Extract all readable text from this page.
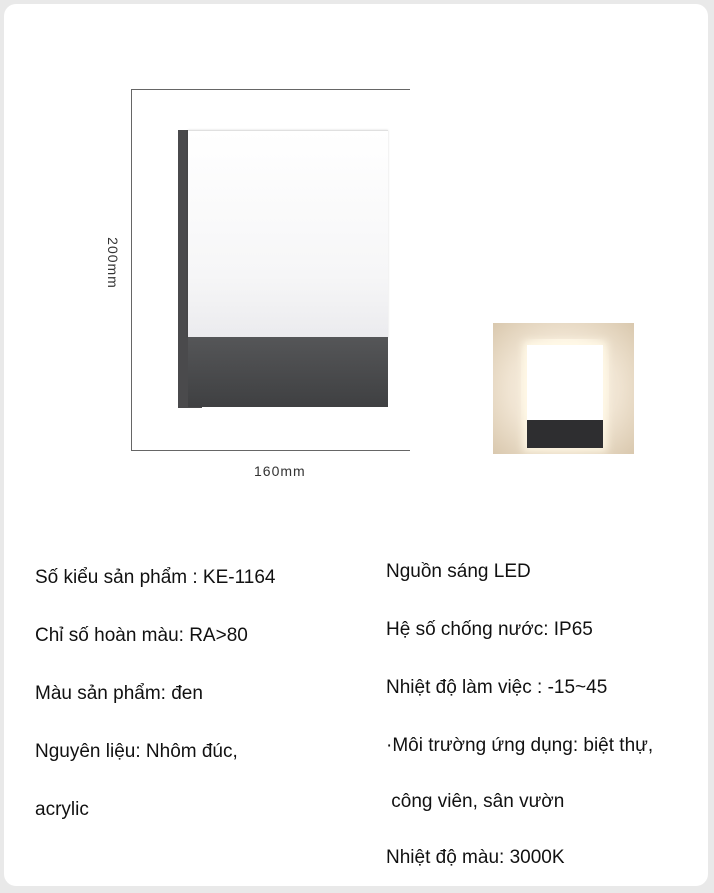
160mm
200mm
Số kiểu sản phẩm : KE-1164
Chỉ số hoàn màu: RA>80
Màu sản phẩm: đen
Nguyên liệu: Nhôm đúc,
acrylic
Nguồn sáng LED
Hệ số chống nước: IP65
Nhiệt độ làm việc : -15~45
·Môi trường ứng dụng: biệt thự,
công viên, sân vườn
Nhiệt độ màu: 3000K
